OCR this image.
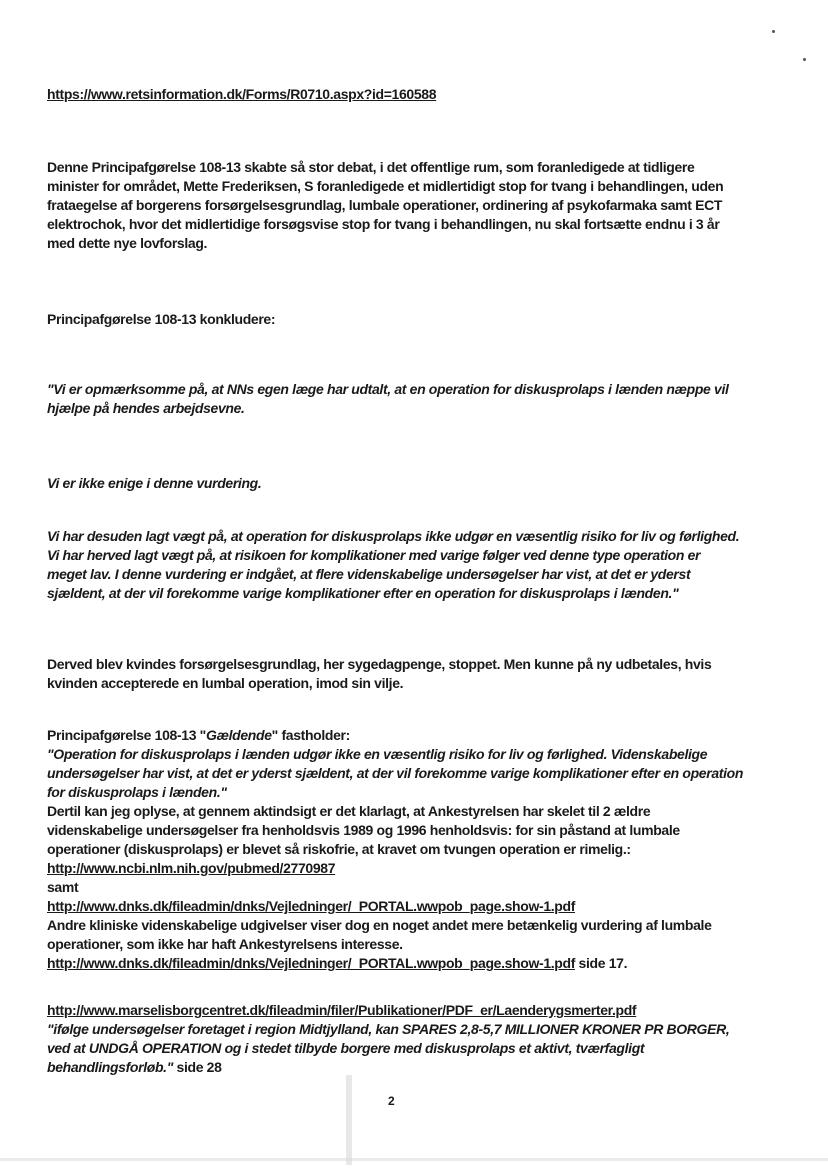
https://www.retsinformation.dk/Forms/R0710.aspx?id=160588
Denne Principafgørelse 108-13 skabte så stor debat, i det offentlige rum, som foranledigede at tidligere minister for området, Mette Frederiksen, S foranledigede et midlertidigt stop for tvang i behandlingen, uden frataegelse af borgerens forsørgelsesgrundlag, lumbale operationer, ordinering af psykofarmaka samt ECT elektrochok, hvor det midlertidige forsøgsvise stop for tvang i behandlingen, nu skal fortsætte endnu i 3 år med dette nye lovforslag.
Principafgørelse 108-13 konkludere:
"Vi er opmærksomme på, at NNs egen læge har udtalt, at en operation for diskusprolaps i lænden næppe vil hjælpe på hendes arbejdsevne.
Vi er ikke enige i denne vurdering.
Vi har desuden lagt vægt på, at operation for diskusprolaps ikke udgør en væsentlig risiko for liv og førlighed. Vi har herved lagt vægt på, at risikoen for komplikationer med varige følger ved denne type operation er meget lav. I denne vurdering er indgået, at flere videnskabelige undersøgelser har vist, at det er yderst sjældent, at der vil forekomme varige komplikationer efter en operation for diskusprolaps i lænden."
Derved blev kvindes forsørgelsesgrundlag, her sygedagpenge, stoppet. Men kunne på ny udbetales, hvis kvinden accepterede en lumbal operation, imod sin vilje.
Principafgørelse 108-13 "Gældende" fastholder:
"Operation for diskusprolaps i lænden udgør ikke en væsentlig risiko for liv og førlighed. Videnskabelige undersøgelser har vist, at det er yderst sjældent, at der vil forekomme varige komplikationer efter en operation for diskusprolaps i lænden."
Dertil kan jeg oplyse, at gennem aktindsigt er det klarlagt, at Ankestyrelsen har skelet til 2 ældre videnskabelige undersøgelser fra henholdsvis 1989 og 1996 henholdsvis: for sin påstand at lumbale operationer (diskusprolaps) er blevet så riskofrie, at kravet om tvungen operation er rimelig.:
http://www.ncbi.nlm.nih.gov/pubmed/2770987
samt
http://www.dnks.dk/fileadmin/dnks/Vejledninger/_PORTAL.wwpob_page.show-1.pdf
Andre kliniske videnskabelige udgivelser viser dog en noget andet mere betænkelig vurdering af lumbale operationer, som ikke har haft Ankestyrelsens interesse.
http://www.dnks.dk/fileadmin/dnks/Vejledninger/_PORTAL.wwpob_page.show-1.pdf side 17.
http://www.marselisborgcentret.dk/fileadmin/filer/Publikationer/PDF_er/Laenderygsmerter.pdf
"ifølge undersøgelser foretaget i region Midtjylland, kan SPARES 2,8-5,7 MILLIONER KRONER PR BORGER, ved at UNDGÅ OPERATION og i stedet tilbyde borgere med diskusprolaps et aktivt, tværfagligt behandlingsforløb." side 28
2
